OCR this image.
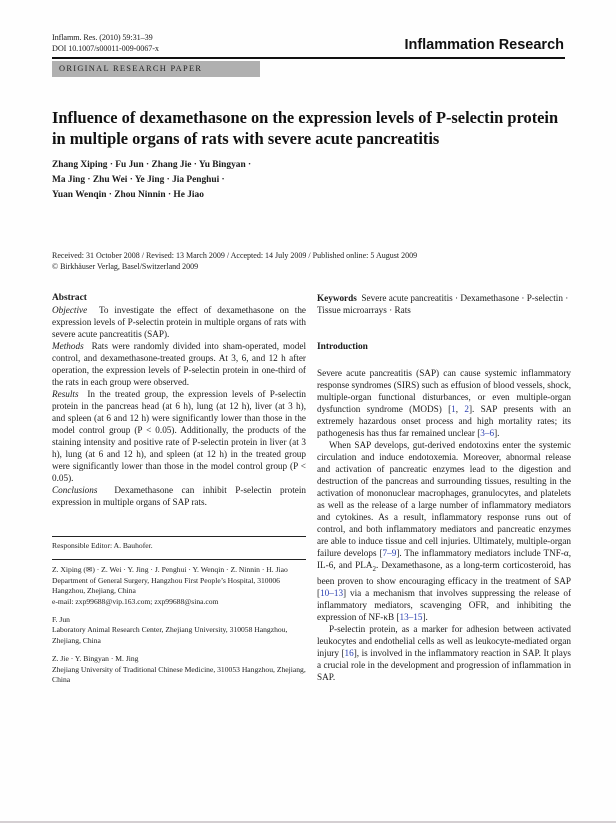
Inflamm. Res. (2010) 59:31–39
DOI 10.1007/s00011-009-0067-x	Inflammation Research
ORIGINAL RESEARCH PAPER
Influence of dexamethasone on the expression levels of P-selectin protein in multiple organs of rats with severe acute pancreatitis
Zhang Xiping · Fu Jun · Zhang Jie · Yu Bingyan ·
Ma Jing · Zhu Wei · Ye Jing · Jia Penghui ·
Yuan Wenqin · Zhou Ninnin · He Jiao
Received: 31 October 2008 / Revised: 13 March 2009 / Accepted: 14 July 2009 / Published online: 5 August 2009
© Birkhäuser Verlag, Basel/Switzerland 2009
Abstract

Objective To investigate the effect of dexamethasone on the expression levels of P-selectin protein in multiple organs of rats with severe acute pancreatitis (SAP).

Methods Rats were randomly divided into sham-operated, model control, and dexamethasone-treated groups. At 3, 6, and 12 h after operation, the expression levels of P-selectin protein in one-third of the rats in each group were observed.

Results In the treated group, the expression levels of P-selectin protein in the pancreas head (at 6 h), lung (at 12 h), liver (at 3 h), and spleen (at 6 and 12 h) were significantly lower than those in the model control group (P < 0.05). Additionally, the products of the staining intensity and positive rate of P-selectin protein in liver (at 3 h), lung (at 6 and 12 h), and spleen (at 12 h) in the treated group were significantly lower than those in the model control group (P < 0.05).

Conclusions Dexamethasone can inhibit P-selectin protein expression in multiple organs of SAP rats.

Responsible Editor: A. Bauhofer.
Z. Xiping (✉) · Z. Wei · Y. Jing · J. Penghui · Y. Wenqin · Z. Ninnin · H. Jiao
Department of General Surgery, Hangzhou First People’s Hospital, 310006 Hangzhou, Zhejiang, China
e-mail: zxp99688@vip.163.com; zxp99688@sina.com
F. Jun
Laboratory Animal Research Center, Zhejiang University, 310058 Hangzhou, Zhejiang, China
Z. Jie · Y. Bingyan · M. Jing
Zhejiang University of Traditional Chinese Medicine, 310053 Hangzhou, Zhejiang, China

Keywords Severe acute pancreatitis · Dexamethasone · P-selectin · Tissue microarrays · Rats

Introduction

Severe acute pancreatitis (SAP) can cause systemic inflammatory response syndromes (SIRS) such as effusion of blood vessels, shock, multiple-organ functional disturbances, or even multiple-organ dysfunction syndrome (MODS) [1, 2]. SAP presents with an extremely hazardous onset process and high mortality rates; its pathogenesis has thus far remained unclear [3–6].

When SAP develops, gut-derived endotoxins enter the systemic circulation and induce endotoxemia. Moreover, abnormal release and activation of pancreatic enzymes lead to the digestion and destruction of the pancreas and surrounding tissues, resulting in the activation of mononuclear macrophages, granulocytes, and platelets as well as the release of a large number of inflammatory mediators and cytokines. As a result, inflammatory response runs out of control, and both inflammatory mediators and pancreatic enzymes are able to induce tissue and cell injuries. Ultimately, multiple-organ failure develops [7–9]. The inflammatory mediators include TNF-α, IL-6, and $PLA_2$. Dexamethasone, as a long-term corticosteroid, has been proven to show encouraging efficacy in the treatment of SAP [10–13] via a mechanism that involves suppressing the release of inflammatory mediators, scavenging OFR, and inhibiting the expression of NF-κB [13–15].

P-selectin protein, as a marker for adhesion between activated leukocytes and endothelial cells as well as leukocyte-mediated organ injury [16], is involved in the inflammatory reaction in SAP. It plays a crucial role in the development and progression of inflammation in SAP.
